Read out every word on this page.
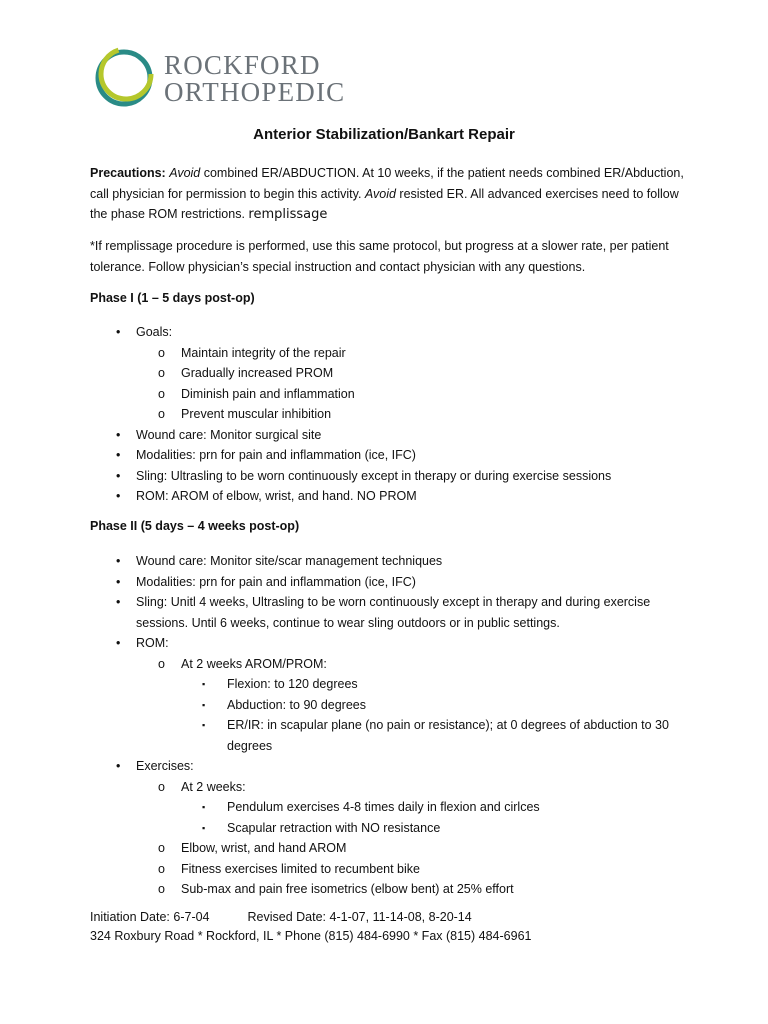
ROCKFORD
ORTHOPEDIC
Anterior Stabilization/Bankart Repair

Precautions: Avoid combined ER/ABDUCTION. At 10 weeks, if the patient needs combined ER/Abduction, call physician for permission to begin this activity. Avoid resisted ER. All advanced exercises need to follow the phase ROM restrictions. remplissage

*If remplissage procedure is performed, use this same protocol, but progress at a slower rate, per patient tolerance. Follow physician’s special instruction and contact physician with any questions.

Phase I (1 – 5 days post-op)
• Goals:
o Maintain integrity of the repair
o Gradually increased PROM
o Diminish pain and inflammation
o Prevent muscular inhibition
• Wound care: Monitor surgical site
• Modalities: prn for pain and inflammation (ice, IFC)
• Sling: Ultrasling to be worn continuously except in therapy or during exercise sessions
• ROM: AROM of elbow, wrist, and hand. NO PROM
Phase II (5 days – 4 weeks post-op)
• Wound care: Monitor site/scar management techniques
• Modalities: prn for pain and inflammation (ice, IFC)
• Sling: Unitl 4 weeks, Ultrasling to be worn continuously except in therapy and during exercise sessions. Until 6 weeks, continue to wear sling outdoors or in public settings.
• ROM:
o At 2 weeks AROM/PROM:
▪ Flexion: to 120 degrees
▪ Abduction: to 90 degrees
▪ ER/IR: in scapular plane (no pain or resistance); at 0 degrees of abduction to 30 degrees
• Exercises:
o At 2 weeks:
▪ Pendulum exercises 4-8 times daily in flexion and cirlces
▪ Scapular retraction with NO resistance
o Elbow, wrist, and hand AROM
o Fitness exercises limited to recumbent bike
o Sub-max and pain free isometrics (elbow bent) at 25% effort
Initiation Date: 6-7-04	Revised Date: 4-1-07, 11-14-08, 8-20-14
324 Roxbury Road * Rockford, IL * Phone (815) 484-6990 * Fax (815) 484-6961
